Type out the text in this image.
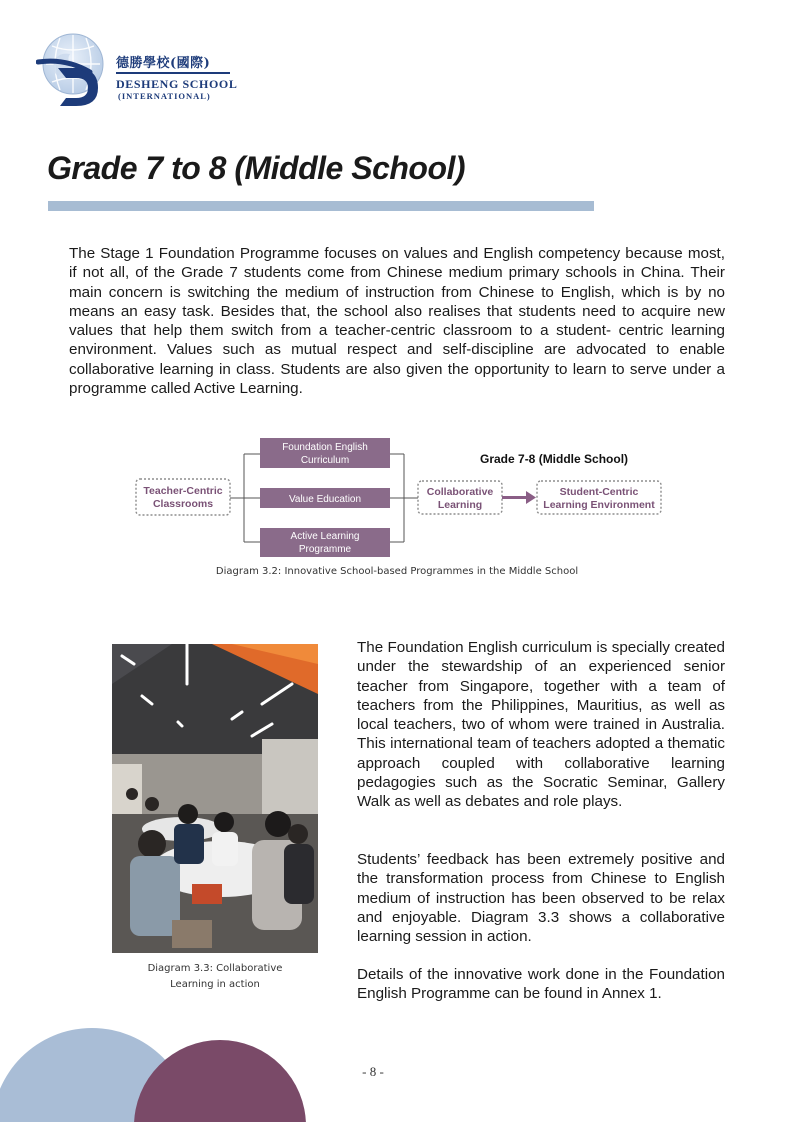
德勝學校(國際)
DESHENG SCHOOL
(INTERNATIONAL)
Grade 7 to 8 (Middle School)
The Stage 1 Foundation Programme focuses on values and English competency because most, if not all, of the Grade 7 students come from Chinese medium primary schools in China. Their main concern is switching the medium of instruction from Chinese to English, which is by no means an easy task. Besides that, the school also realises that students need to acquire new values that help them switch from a teacher-centric classroom to a student- centric learning environment. Values such as mutual respect and self-discipline are advocated to enable collaborative learning in class. Students are also given the opportunity to learn to serve under a programme called Active Learning.
Teacher-Centric
Classrooms
Foundation English
Curriculum
Value Education
Active Learning
Programme
Grade 7-8 (Middle School)
Collaborative
Learning
Student-Centric
Learning Environment
Diagram 3.2: Innovative School-based Programmes in the Middle School
Diagram 3.3: Collaborative
Learning in action
The Foundation English curriculum is specially created under the stewardship of an experienced senior teacher from Singapore, together with a team of teachers from the Philippines, Mauritius, as well as local teachers, two of whom were trained in Australia. This international team of teachers adopted a thematic approach coupled with collaborative learning pedagogies such as the Socratic Seminar, Gallery Walk as well as debates and role plays.
Students’ feedback has been extremely positive and the transformation process from Chinese to English medium of instruction has been observed to be relax and enjoyable. Diagram 3.3 shows a collaborative learning session in action.
Details of the innovative work done in the Foundation English Programme can be found in Annex 1.
- 8 -
